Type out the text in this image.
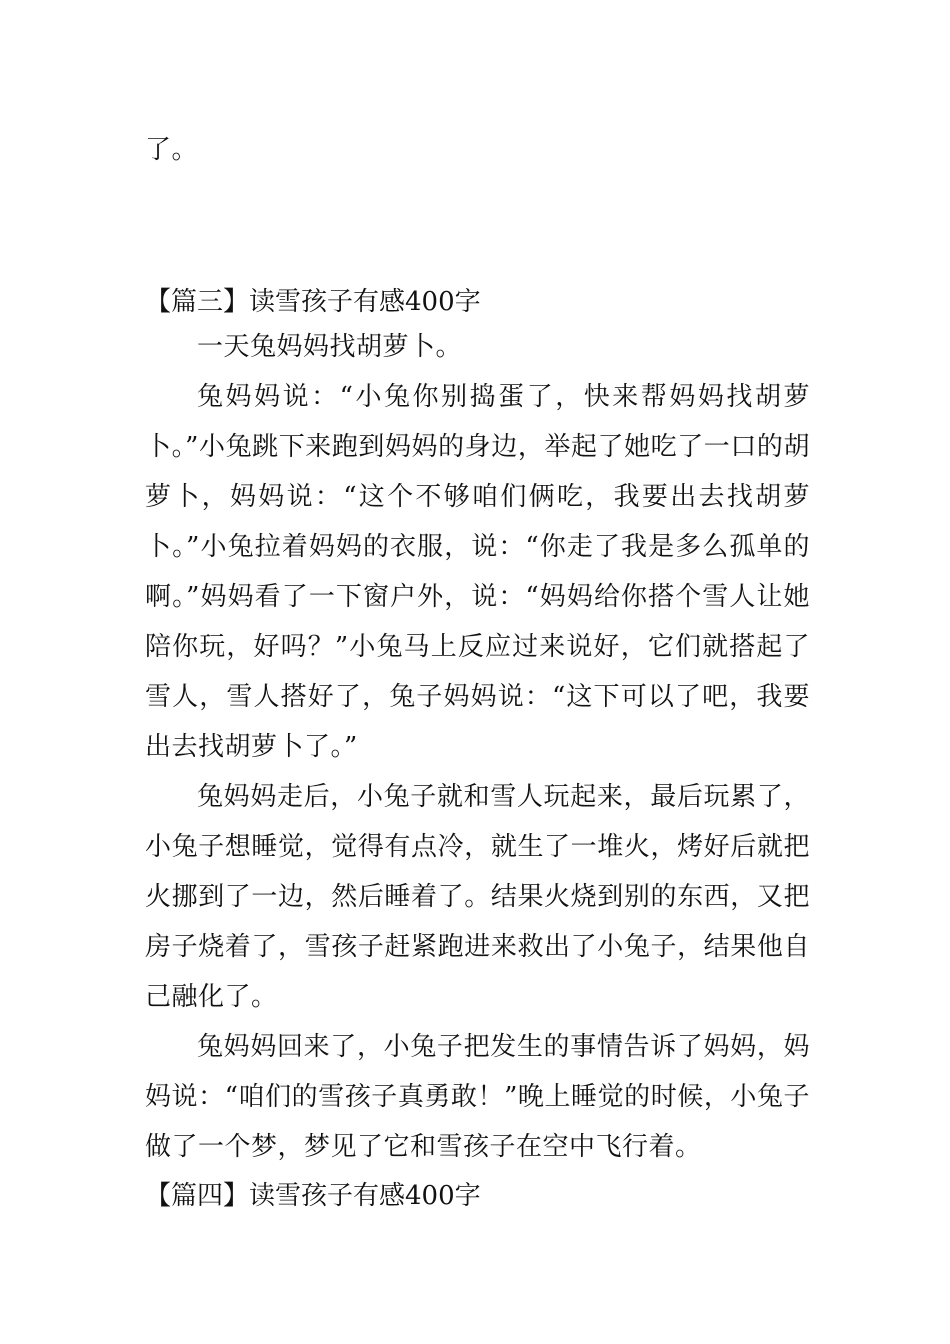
了。

【篇三】读雪孩子有感400字

一天兔妈妈找胡萝卜。

兔妈妈说：“小兔你别捣蛋了，快来帮妈妈找胡萝卜。”小兔跳下来跑到妈妈的身边，举起了她吃了一口的胡萝卜，妈妈说：“这个不够咱们俩吃，我要出去找胡萝卜。”小兔拉着妈妈的衣服，说：“你走了我是多么孤单的啊。”妈妈看了一下窗户外，说：“妈妈给你搭个雪人让她陪你玩，好吗？”小兔马上反应过来说好，它们就搭起了雪人，雪人搭好了，兔子妈妈说：“这下可以了吧，我要出去找胡萝卜了。”

兔妈妈走后，小兔子就和雪人玩起来，最后玩累了，小兔子想睡觉，觉得有点冷，就生了一堆火，烤好后就把火挪到了一边，然后睡着了。结果火烧到别的东西，又把房子烧着了，雪孩子赶紧跑进来救出了小兔子，结果他自己融化了。

兔妈妈回来了，小兔子把发生的事情告诉了妈妈，妈妈说：“咱们的雪孩子真勇敢！”晚上睡觉的时候，小兔子做了一个梦，梦见了它和雪孩子在空中飞行着。

【篇四】读雪孩子有感400字
